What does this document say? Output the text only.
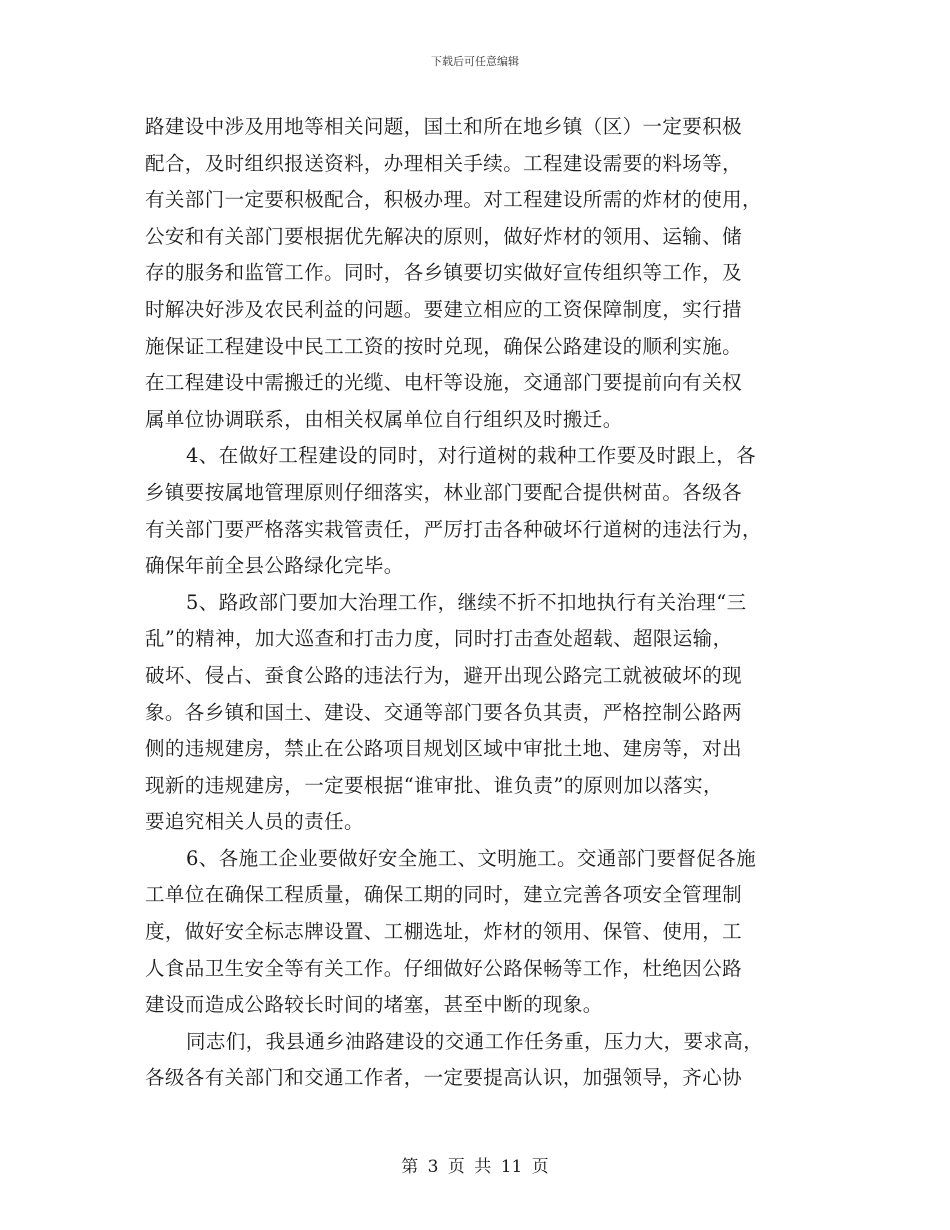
下载后可任意编辑
路建设中涉及用地等相关问题，国土和所在地乡镇（区）一定要积极
配合，及时组织报送资料，办理相关手续。工程建设需要的料场等，
有关部门一定要积极配合，积极办理。对工程建设所需的炸材的使用，
公安和有关部门要根据优先解决的原则，做好炸材的领用、运输、储
存的服务和监管工作。同时，各乡镇要切实做好宣传组织等工作，及
时解决好涉及农民利益的问题。要建立相应的工资保障制度，实行措
施保证工程建设中民工工资的按时兑现，确保公路建设的顺利实施。
在工程建设中需搬迁的光缆、电杆等设施，交通部门要提前向有关权
属单位协调联系，由相关权属单位自行组织及时搬迁。
4、在做好工程建设的同时，对行道树的栽种工作要及时跟上，各
乡镇要按属地管理原则仔细落实，林业部门要配合提供树苗。各级各
有关部门要严格落实栽管责任，严厉打击各种破坏行道树的违法行为，
确保年前全县公路绿化完毕。
5、路政部门要加大治理工作，继续不折不扣地执行有关治理“三
乱”的精神，加大巡查和打击力度，同时打击查处超载、超限运输，
破坏、侵占、蚕食公路的违法行为，避开出现公路完工就被破坏的现
象。各乡镇和国土、建设、交通等部门要各负其责，严格控制公路两
侧的违规建房，禁止在公路项目规划区域中审批土地、建房等，对出
现新的违规建房，一定要根据“谁审批、谁负责”的原则加以落实，
要追究相关人员的责任。
6、各施工企业要做好安全施工、文明施工。交通部门要督促各施
工单位在确保工程质量，确保工期的同时，建立完善各项安全管理制
度，做好安全标志牌设置、工棚选址，炸材的领用、保管、使用，工
人食品卫生安全等有关工作。仔细做好公路保畅等工作，杜绝因公路
建设而造成公路较长时间的堵塞，甚至中断的现象。
同志们，我县通乡油路建设的交通工作任务重，压力大，要求高，
各级各有关部门和交通工作者，一定要提高认识，加强领导，齐心协
第 3 页 共 11 页
